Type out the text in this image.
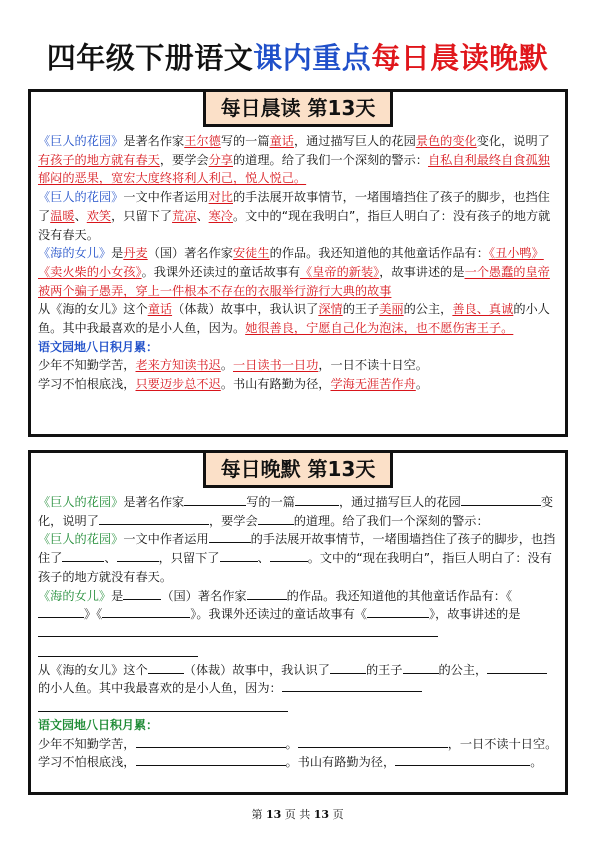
四年级下册语文课内重点每日晨读晚默
每日晨读 第13天

《巨人的花园》是著名作家王尔德写的一篇童话，通过描写巨人的花园景色的变化变化，说明了有孩子的地方就有春天，要学会分享的道理。给了我们一个深刻的警示：自私自利最终自食孤独郁闷的恶果，宽宏大度终将利人利己，悦人悦己。

《巨人的花园》一文中作者运用对比的手法展开故事情节，一堵围墙挡住了孩子的脚步，也挡住了温暖、欢笑，只留下了荒凉、寒冷。文中的“现在我明白”，指巨人明白了：没有孩子的地方就没有春天。

《海的女儿》是丹麦（国）著名作家安徒生的作品。我还知道他的其他童话作品有：《丑小鸭》《卖火柴的小女孩》。我课外还读过的童话故事有《皇帝的新装》，故事讲述的是一个愚蠢的皇帝被两个骗子愚弄，穿上一件根本不存在的衣服举行游行大典的故事

从《海的女儿》这个童话（体裁）故事中，我认识了深情的王子美丽的公主，善良、真诚的小人鱼。其中我最喜欢的是小人鱼，因为。她很善良，宁愿自己化为泡沫，也不愿伤害王子。

语文园地八日积月累：

少年不知勤学苦，老来方知读书迟。一日读书一日功，一日不读十日空。

学习不怕根底浅，只要迈步总不迟。书山有路勤为径，学海无涯苦作舟。

每日晚默 第13天

《巨人的花园》是著名作家	写的一篇	，通过描写巨人的花园	变化，说明了	，要学会	的道理。给了我们一个深刻的警示：

《巨人的花园》一文中作者运用	的手法展开故事情节，一堵围墙挡住了孩子的脚步，也挡住了	、	，只留下了	、	。文中的“现在我明白”，指巨人明白了：没有孩子的地方就没有春天。

《海的女儿》是	（国）著名作家	的作品。我还知道他的其他童话作品有：《》《	》。我课外还读过的童话故事有《	》，故事讲述的是

从《海的女儿》这个	（体裁）故事中，我认识了	的王子	的公主，的小人鱼。其中我最喜欢的是小人鱼，因为：

语文园地八日积月累：

少年不知勤学苦，	。	，一日不读十日空。

学习不怕根底浅，	。书山有路勤为径，	。

第 13 页 共 13 页
